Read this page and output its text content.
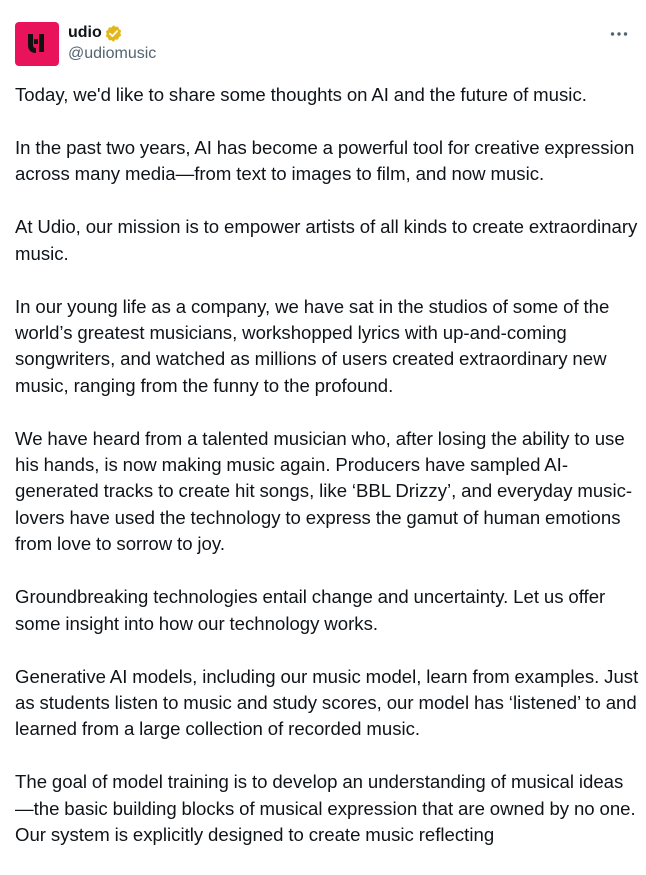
udio
@udiomusic

Today, we'd like to share some thoughts on AI and the future of music.

In the past two years, AI has become a powerful tool for creative expression across many media—from text to images to film, and now music.

At Udio, our mission is to empower artists of all kinds to create extraordinary music.

In our young life as a company, we have sat in the studios of some of the world’s greatest musicians, workshopped lyrics with up-and-coming songwriters, and watched as millions of users created extraordinary new music, ranging from the funny to the profound.

We have heard from a talented musician who, after losing the ability to use his hands, is now making music again. Producers have sampled AI-generated tracks to create hit songs, like ‘BBL Drizzy’, and everyday music-lovers have used the technology to express the gamut of human emotions from love to sorrow to joy.

Groundbreaking technologies entail change and uncertainty. Let us offer some insight into how our technology works.

Generative AI models, including our music model, learn from examples. Just as students listen to music and study scores, our model has ‘listened’ to and learned from a large collection of recorded music.

The goal of model training is to develop an understanding of musical ideas—the basic building blocks of musical expression that are owned by no one. Our system is explicitly designed to create music reflecting
